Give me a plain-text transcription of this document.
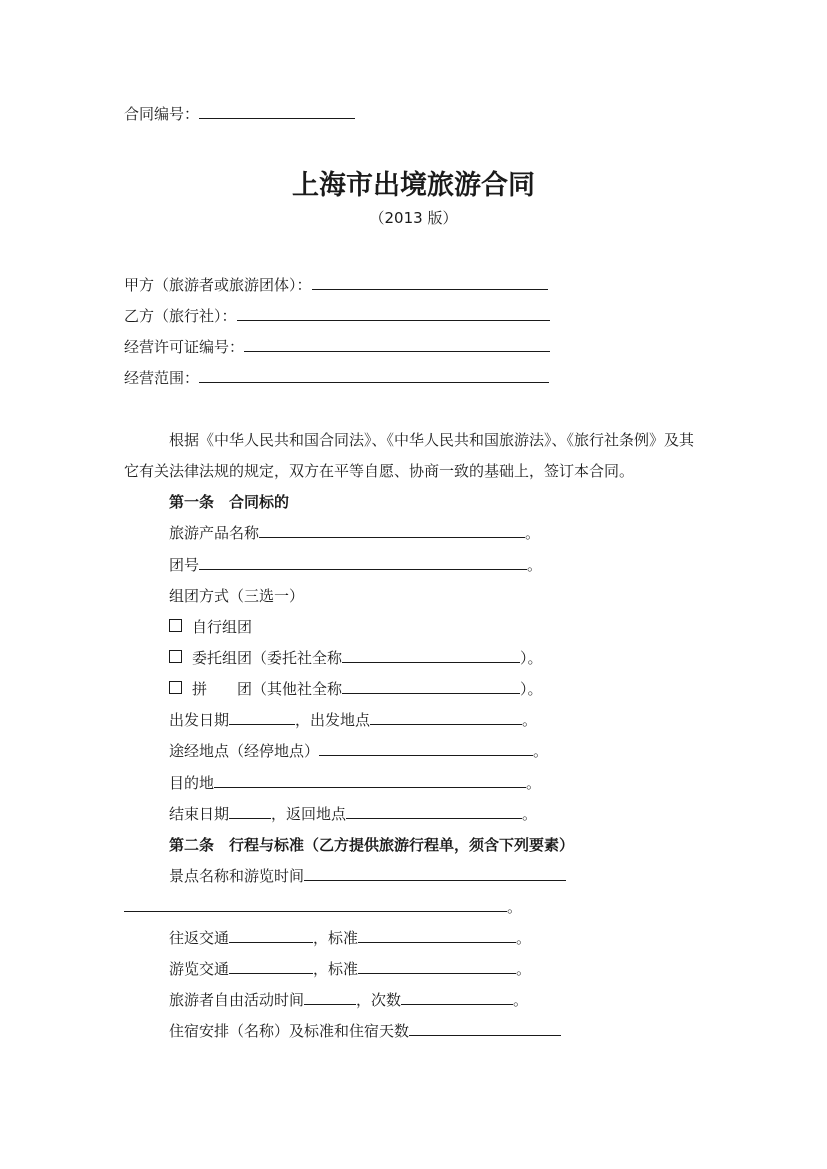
合同编号：
上海市出境旅游合同
（2013 版）
甲方（旅游者或旅游团体）：
乙方（旅行社）：
经营许可证编号：
经营范围：
根据《中华人民共和国合同法》、《中华人民共和国旅游法》、《旅行社条例》及其
它有关法律法规的规定，双方在平等自愿、协商一致的基础上，签订本合同。
第一条　合同标的
旅游产品名称	。
团号	。
组团方式（三选一）
自行组团
委托组团（委托社全称	）。
拼 团（其他社全称	）。
出发日期	，出发地点	。
途经地点（经停地点）	。
目的地	。
结束日期	，返回地点	。
第二条　行程与标准（乙方提供旅游行程单，须含下列要素）
景点名称和游览时间
。
往返交通	，标准	。
游览交通	，标准	。
旅游者自由活动时间	，次数	。
住宿安排（名称）及标准和住宿天数
